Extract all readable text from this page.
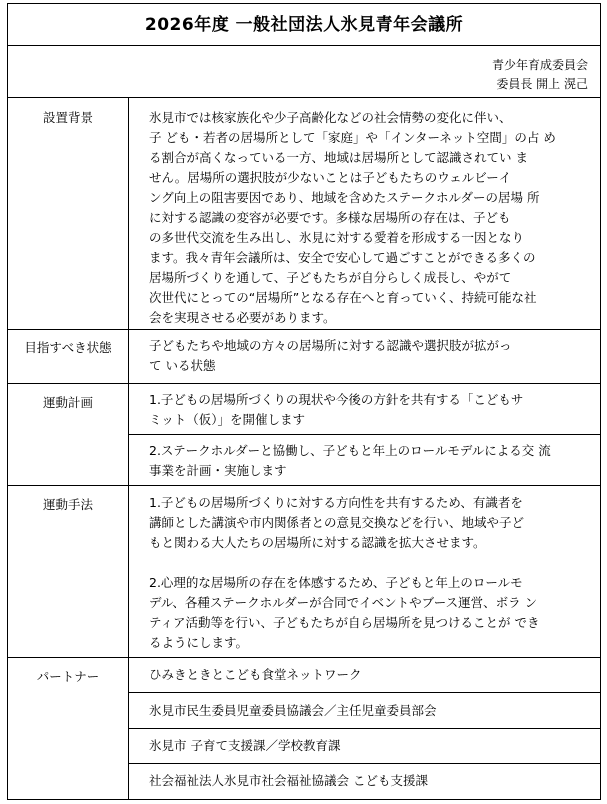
2026年度 一般社団法人氷見青年会議所
青少年育成委員会
委員長 開上 滉己
設置背景	氷見市では核家族化や少子高齢化などの社会情勢の変化に伴い、
子 ども・若者の居場所として「家庭」や「インターネット空間」の占 め
る割合が高くなっている一方、地域は居場所として認識されてい ま
せん。居場所の選択肢が少ないことは子どもたちのウェルビーイ
ング向上の阻害要因であり、地域を含めたステークホルダーの居場 所
に対する認識の変容が必要です。多様な居場所の存在は、子ども
の多世代交流を生み出し、氷見に対する愛着を形成する一因となり
ます。我々青年会議所は、安全で安心して過ごすことができる多くの
居場所づくりを通して、子どもたちが自分らしく成長し、やがて
次世代にとっての“居場所”となる存在へと育っていく、持続可能な社
会を実現させる必要があります。
目指すべき状態	子どもたちや地域の方々の居場所に対する認識や選択肢が拡がっ
て いる状態
運動計画	1.子どもの居場所づくりの現状や今後の方針を共有する「こどもサ
ミット（仮）」を開催します
2.ステークホルダーと協働し、子どもと年上のロールモデルによる交 流
事業を計画・実施します
運動手法	1.子どもの居場所づくりに対する方向性を共有するため、有識者を
講師とした講演や市内関係者との意見交換などを行い、地域や子ど
もと関わる大人たちの居場所に対する認識を拡大させます。
2.心理的な居場所の存在を体感するため、子どもと年上のロールモ
デル、各種ステークホルダーが合同でイベントやブース運営、ボラ ン
ティア活動等を行い、子どもたちが自ら居場所を見つけることが でき
るようにします。
パートナー	ひみきときとこども食堂ネットワーク
氷見市民生委員児童委員協議会／主任児童委員部会
氷見市 子育て支援課／学校教育課
社会福祉法人氷見市社会福祉協議会 こども支援課
